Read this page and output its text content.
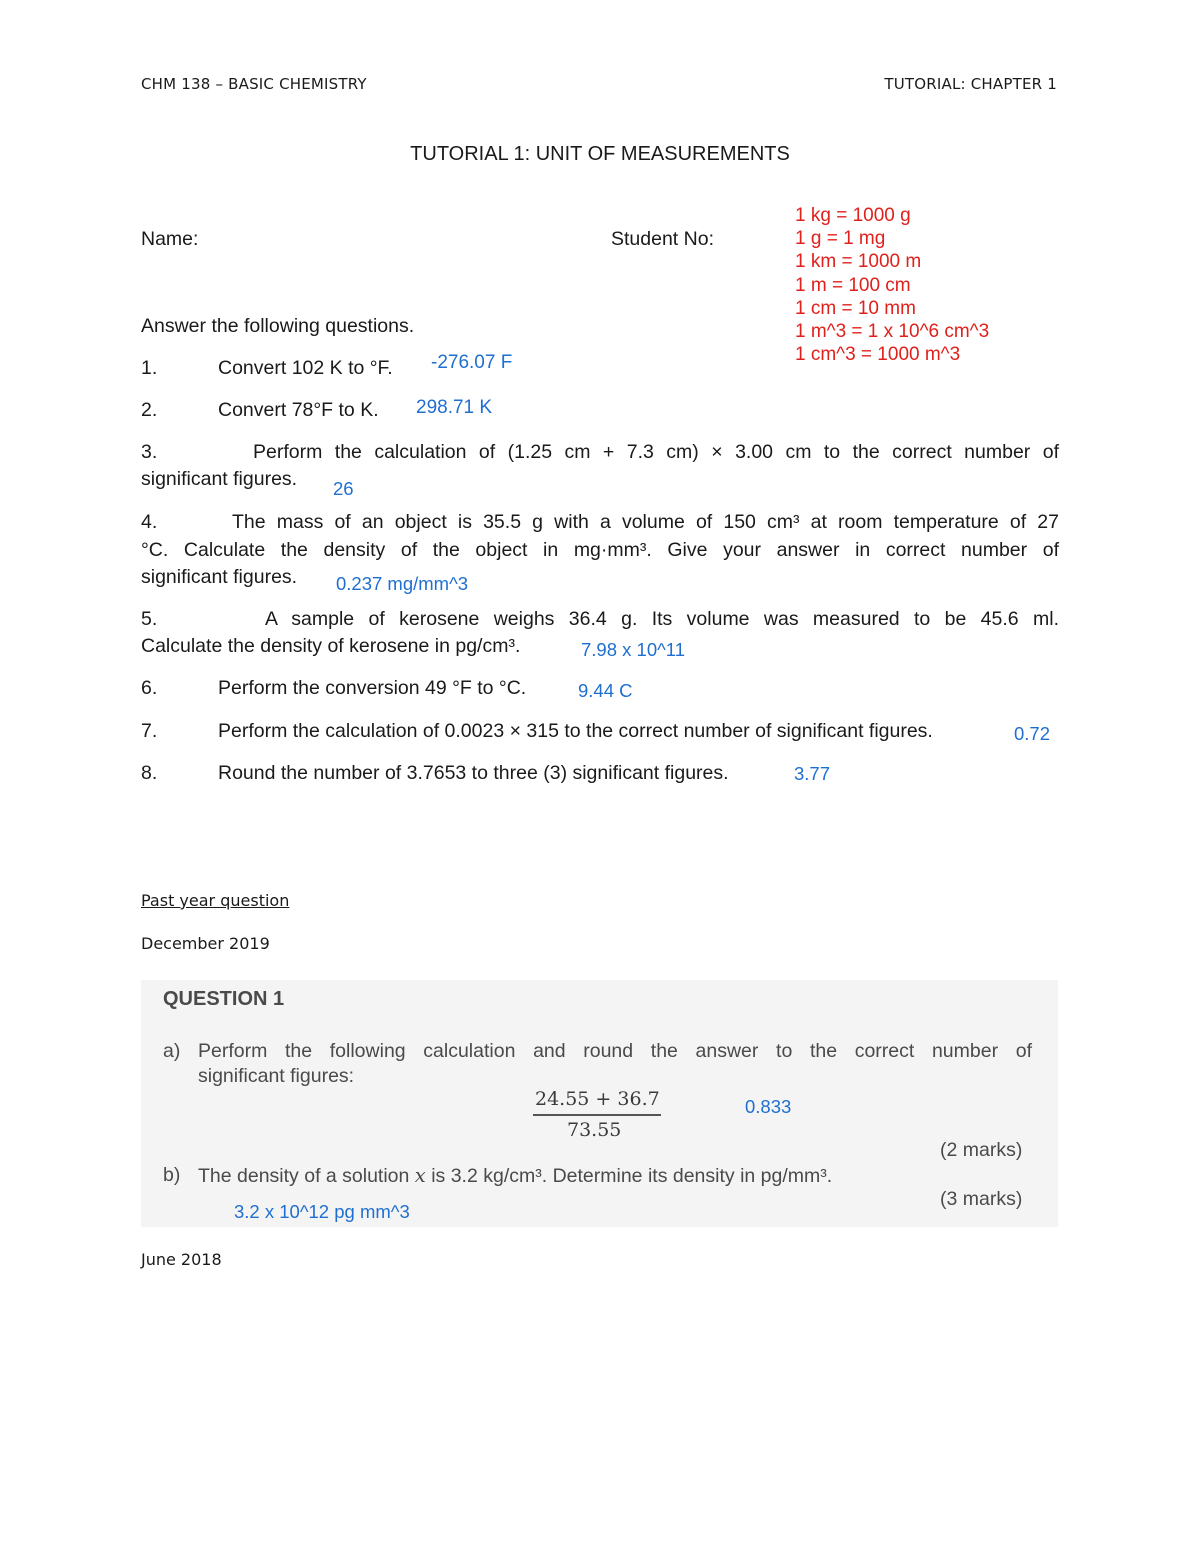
CHM 138 – BASIC CHEMISTRY	TUTORIAL: CHAPTER 1
TUTORIAL 1: UNIT OF MEASUREMENTS
Name:	Student No:
1 kg = 1000 g
1 g = 1 mg
1 km = 1000 m
1 m = 100 cm
1 cm = 10 mm
1 m^3 = 1 x 10^6 cm^3
1 cm^3 = 1000 m^3
Answer the following questions.
1.	Convert 102 K to °F. -276.07 F
2.	Convert 78°F to K. 298.71 K
3.	Perform the calculation of (1.25 cm + 7.3 cm) × 3.00 cm to the correct number of
significant figures. 26
4.	The mass of an object is 35.5 g with a volume of 150 cm³ at room temperature of 27
°C. Calculate the density of the object in mg·mm³. Give your answer in correct number of
significant figures. 0.237 mg/mm^3
5.	A sample of kerosene weighs 36.4 g. Its volume was measured to be 45.6 ml.
Calculate the density of kerosene in pg/cm³.	7.98 x 10^11
6.	Perform the conversion 49 °F to °C.	9.44 C
7.	Perform the calculation of 0.0023 × 315 to the correct number of significant figures.	0.72
8.	Round the number of 3.7653 to three (3) significant figures.	3.77
Past year question
December 2019
QUESTION 1
a) Perform the following calculation and round the answer to the correct number of
significant figures:
24.55 + 36.7
73.55
0.833
(2 marks)
b) The density of a solution x is 3.2 kg/cm³. Determine its density in pg/mm³.
(3 marks)
3.2 x 10^12 pg mm^3
June 2018
